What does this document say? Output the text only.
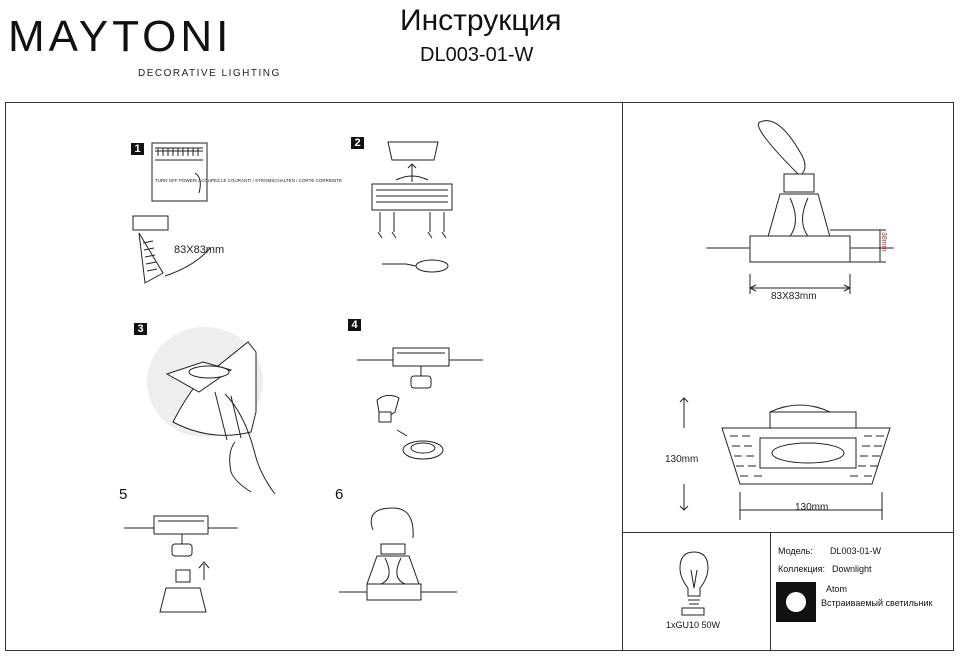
MAYTONI
DECORATIVE LIGHTING
Инструкция
DL003-01-W
1	2
3	4
5	6
TURN OFF POWER! / COUPEZ LE COURANT! / STROMSCHALTEN / CORTE CORRIENTE
83X83mm
83X83mm
38mm
130mm
130mm
1xGU10 50W
Модель: DL003-01-W
Коллекция: Downlight
Atom
Встраиваемый светильник
